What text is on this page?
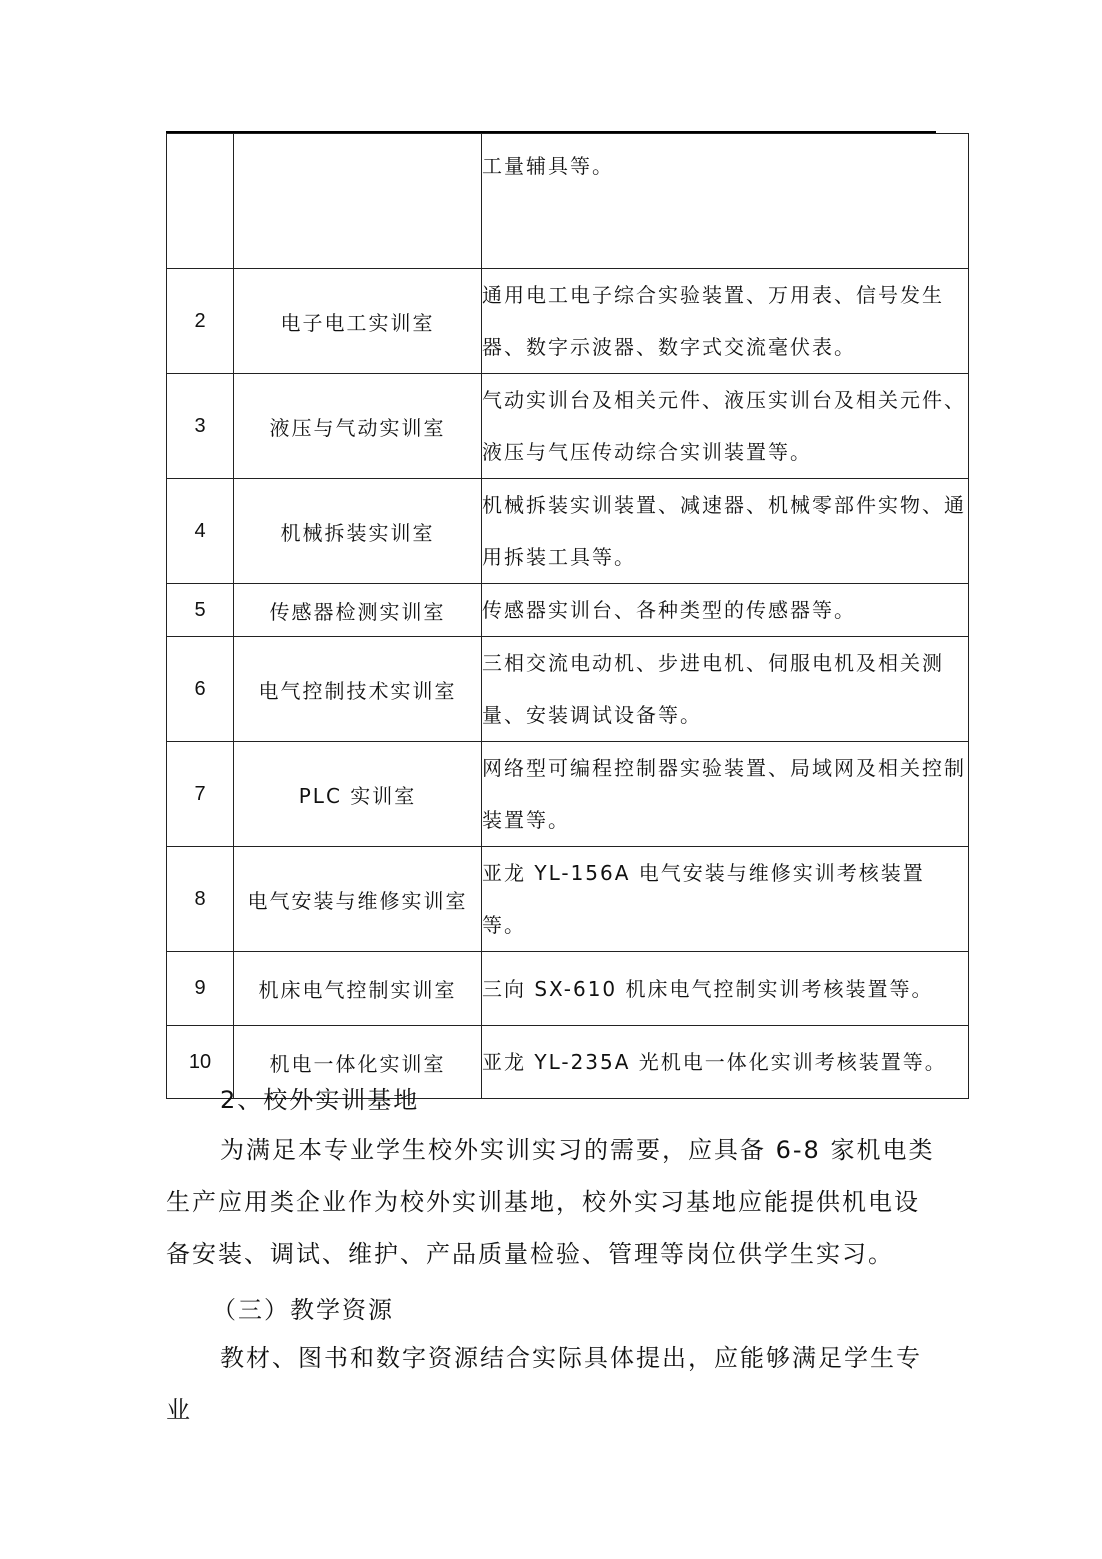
		工量辅具等。
2	电子电工实训室	通用电工电子综合实验装置、万用表、信号发生器、数字示波器、数字式交流毫伏表。
3	液压与气动实训室	气动实训台及相关元件、液压实训台及相关元件、液压与气压传动综合实训装置等。
4	机械拆装实训室	机械拆装实训装置、减速器、机械零部件实物、通用拆装工具等。
5	传感器检测实训室	传感器实训台、各种类型的传感器等。
6	电气控制技术实训室	三相交流电动机、步进电机、伺服电机及相关测量、安装调试设备等。
7	PLC 实训室	网络型可编程控制器实验装置、局域网及相关控制装置等。
8	电气安装与维修实训室	亚龙 YL-156A 电气安装与维修实训考核装置等。
9	机床电气控制实训室	三向 SX-610 机床电气控制实训考核装置等。
10	机电一体化实训室	亚龙 YL-235A 光机电一体化实训考核装置等。
2、校外实训基地
为满足本专业学生校外实训实习的需要，应具备 6-8 家机电类生产应用类企业作为校外实训基地，校外实习基地应能提供机电设备安装、调试、维护、产品质量检验、管理等岗位供学生实习。
（三）教学资源
教材、图书和数字资源结合实际具体提出，应能够满足学生专业
